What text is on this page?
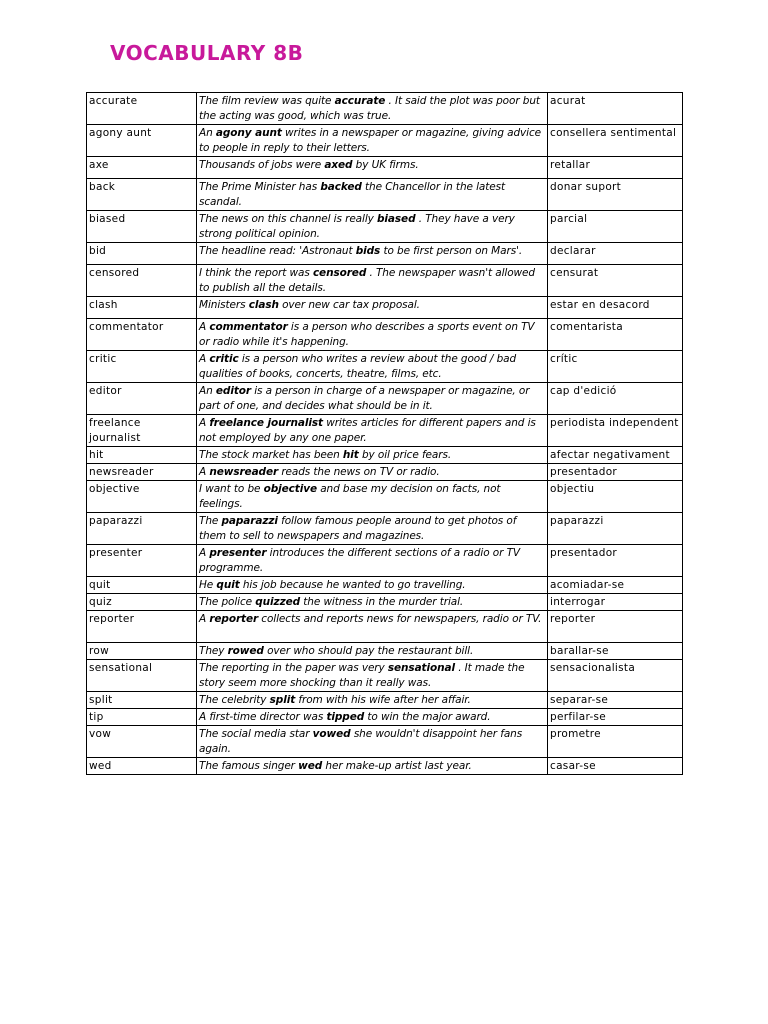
VOCABULARY 8B
accurate	The film review was quite accurate . It said the plot was poor but the acting was good, which was true.	acurat
agony aunt	An agony aunt writes in a newspaper or magazine, giving advice to people in reply to their letters.	consellera sentimental
axe	Thousands of jobs were axed by UK firms.	retallar
back	The Prime Minister has backed the Chancellor in the latest scandal.	donar suport
biased	The news on this channel is really biased . They have a very strong political opinion.	parcial
bid	The headline read: 'Astronaut bids to be first person on Mars'.	declarar
censored	I think the report was censored . The newspaper wasn't allowed to publish all the details.	censurat
clash	Ministers clash over new car tax proposal.	estar en desacord
commentator	A commentator is a person who describes a sports event on TV or radio while it's happening.	comentarista
critic	A critic is a person who writes a review about the good / bad qualities of books, concerts, theatre, films, etc.	crític
editor	An editor is a person in charge of a newspaper or magazine, or part of one, and decides what should be in it.	cap d'edició
freelance journalist	A freelance journalist writes articles for different papers and is not employed by any one paper.	periodista independent
hit	The stock market has been hit by oil price fears.	afectar negativament
newsreader	A newsreader reads the news on TV or radio.	presentador
objective	I want to be objective and base my decision on facts, not feelings.	objectiu
paparazzi	The paparazzi follow famous people around to get photos of them to sell to newspapers and magazines.	paparazzi
presenter	A presenter introduces the different sections of a radio or TV programme.	presentador
quit	He quit his job because he wanted to go travelling.	acomiadar-se
quiz	The police quizzed the witness in the murder trial.	interrogar
reporter	A reporter collects and reports news for newspapers, radio or TV.	reporter
row	They rowed over who should pay the restaurant bill.	barallar-se
sensational	The reporting in the paper was very sensational . It made the story seem more shocking than it really was.	sensacionalista
split	The celebrity split from with his wife after her affair.	separar-se
tip	A first-time director was tipped to win the major award.	perfilar-se
vow	The social media star vowed she wouldn't disappoint her fans again.	prometre
wed	The famous singer wed her make-up artist last year.	casar-se
